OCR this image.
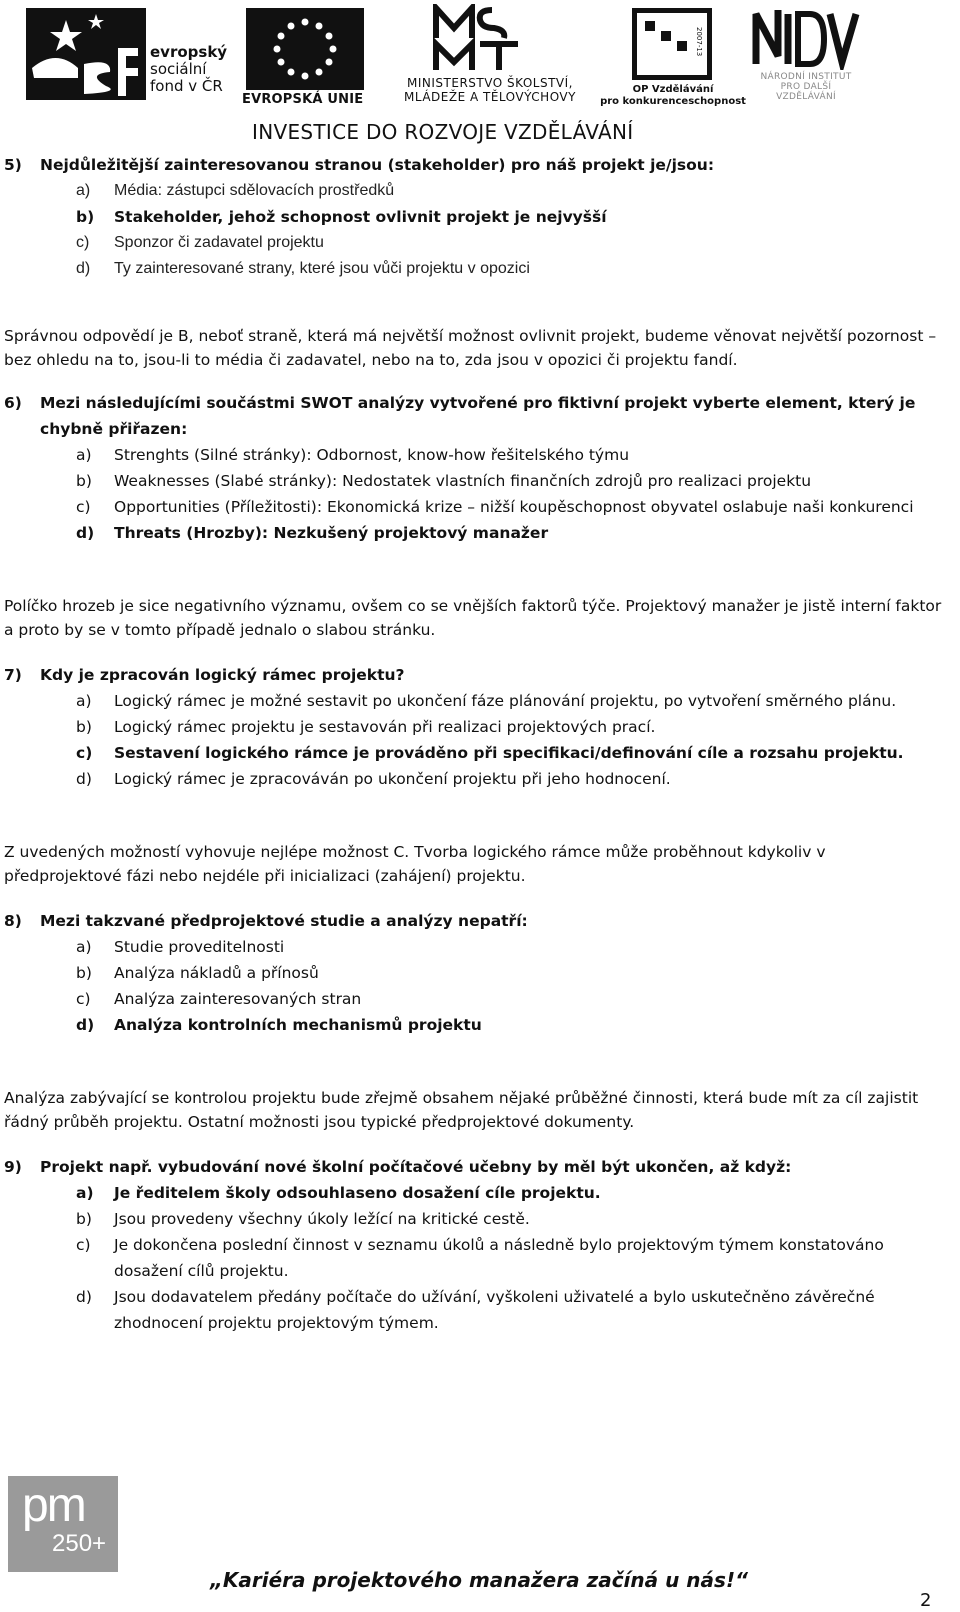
evropský
sociální
fond v ČR
EVROPSKÁ UNIE
MINISTERSTVO ŠKOLSTVÍ,
MLÁDEŽE A TĚLOVÝCHOVY
2007-13
OP Vzdělávání
pro konkurenceschopnost
NÁRODNÍ INSTITUT
PRO DALŠÍ
VZDĚLÁVÁNÍ
INVESTICE DO ROZVOJE VZDĚLÁVÁNÍ

5) Nejdůležitější zainteresovanou stranou (stakeholder) pro náš projekt je/jsou:

a) Média: zástupci sdělovacích prostředků
b) Stakeholder, jehož schopnost ovlivnit projekt je nejvyšší
c) Sponzor či zadavatel projektu
d) Ty zainteresované strany, které jsou vůči projektu v opozici

Správnou odpovědí je B, neboť straně, která má největší možnost ovlivnit projekt, budeme věnovat největší pozornost – bez ohledu na to, jsou-li to média či zadavatel, nebo na to, zda jsou v opozici či projektu fandí.

6) Mezi následujícími součástmi SWOT analýzy vytvořené pro fiktivní projekt vyberte element, který je chybně přiřazen:

a) Strenghts (Silné stránky): Odbornost, know-how řešitelského týmu
b) Weaknesses (Slabé stránky): Nedostatek vlastních finančních zdrojů pro realizaci projektu
c) Opportunities (Příležitosti): Ekonomická krize – nižší koupěschopnost obyvatel oslabuje naši konkurenci
d) Threats (Hrozby): Nezkušený projektový manažer

Políčko hrozeb je sice negativního významu, ovšem co se vnějších faktorů týče. Projektový manažer je jistě interní faktor a proto by se v tomto případě jednalo o slabou stránku.

7) Kdy je zpracován logický rámec projektu?

a) Logický rámec je možné sestavit po ukončení fáze plánování projektu, po vytvoření směrného plánu.
b) Logický rámec projektu je sestavován při realizaci projektových prací.
c) Sestavení logického rámce je prováděno při specifikaci/definování cíle a rozsahu projektu.
d) Logický rámec je zpracováván po ukončení projektu při jeho hodnocení.

Z uvedených možností vyhovuje nejlépe možnost C. Tvorba logického rámce může proběhnout kdykoliv v předprojektové fázi nebo nejdéle při inicializaci (zahájení) projektu.

8) Mezi takzvané předprojektové studie a analýzy nepatří:

a) Studie proveditelnosti
b) Analýza nákladů a přínosů
c) Analýza zainteresovaných stran
d) Analýza kontrolních mechanismů projektu

Analýza zabývající se kontrolou projektu bude zřejmě obsahem nějaké průběžné činnosti, která bude mít za cíl zajistit řádný průběh projektu. Ostatní možnosti jsou typické předprojektové dokumenty.

9) Projekt např. vybudování nové školní počítačové učebny by měl být ukončen, až když:

a) Je ředitelem školy odsouhlaseno dosažení cíle projektu.
b) Jsou provedeny všechny úkoly ležící na kritické cestě.
c) Je dokončena poslední činnost v seznamu úkolů a následně bylo projektovým týmem konstatováno dosažení cílů projektu.
d) Jsou dodavatelem předány počítače do užívání, vyškoleni uživatelé a bylo uskutečněno závěrečné zhodnocení projektu projektovým týmem.
pm
250+
„Kariéra projektového manažera začíná u nás!“
2
